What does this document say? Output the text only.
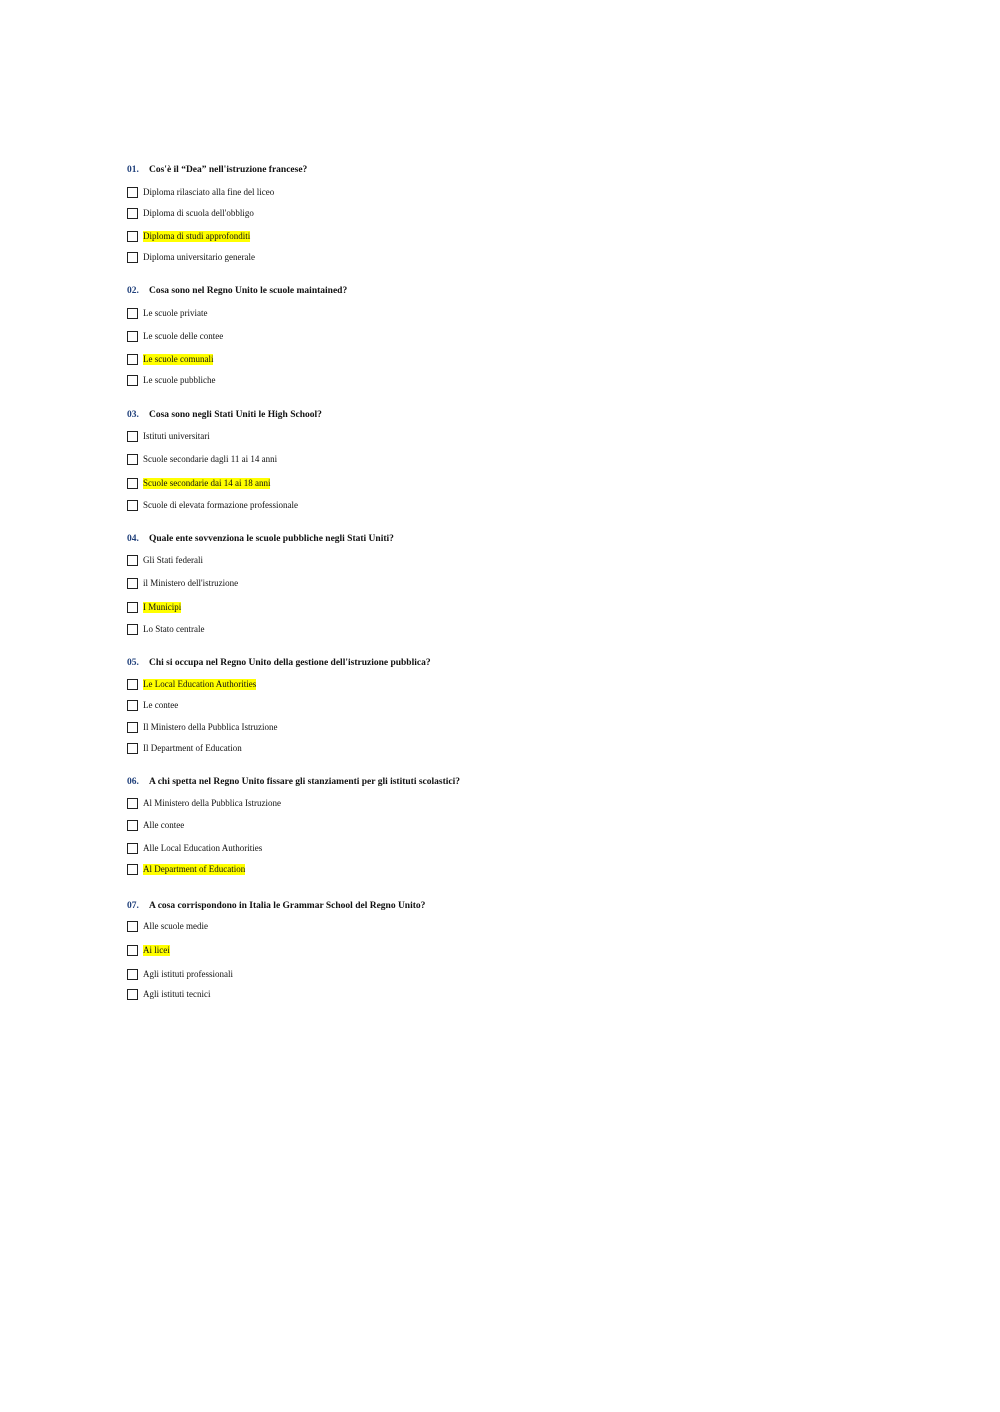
01. Cos'è il “Dea” nell'istruzione francese?
Diploma rilasciato alla fine del liceo
Diploma di scuola dell'obbligo
Diploma di studi approfonditi
Diploma universitario generale
02. Cosa sono nel Regno Unito le scuole maintained?
Le scuole priviate
Le scuole delle contee
Le scuole comunali
Le scuole pubbliche
03. Cosa sono negli Stati Uniti le High School?
Istituti universitari
Scuole secondarie dagli 11 ai 14 anni
Scuole secondarie dai 14 ai 18 anni
Scuole di elevata formazione professionale
04. Quale ente sovvenziona le scuole pubbliche negli Stati Uniti?
Gli Stati federali
il Ministero dell'istruzione
I Municipi
Lo Stato centrale
05. Chi si occupa nel Regno Unito della gestione dell'istruzione pubblica?
Le Local Education Authorities
Le contee
Il Ministero della Pubblica Istruzione
Il Department of Education
06. A chi spetta nel Regno Unito fissare gli stanziamenti per gli istituti scolastici?
Al Ministero della Pubblica Istruzione
Alle contee
Alle Local Education Authorities
Al Department of Education
07. A cosa corrispondono in Italia le Grammar School del Regno Unito?
Alle scuole medie
Ai licei
Agli istituti professionali
Agli istituti tecnici
